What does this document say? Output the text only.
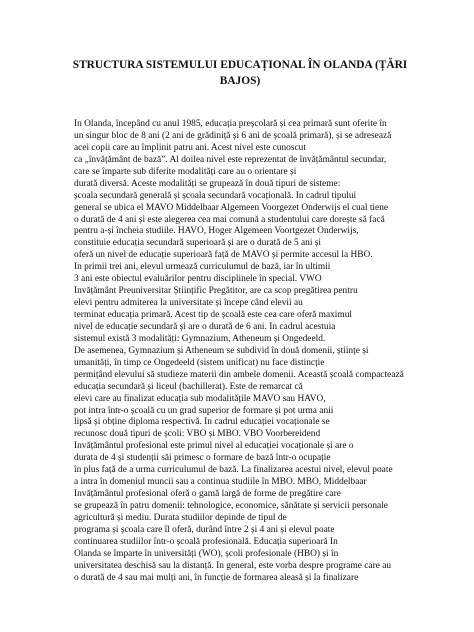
STRUCTURA SISTEMULUI EDUCAȚIONAL ÎN OLANDA (ȚĂRI BAJOS)
În Olanda, începând cu anul 1985, educația preșcolară și cea primară sunt oferite în
un singur bloc de 8 ani (2 ani de grădiniță și 6 ani de școală primară), și se adresează
acei copii care au împlinit patru ani. Acest nivel este cunoscut
ca „învățământ de bază”. Al doilea nivel este reprezentat de învățământul secundar,
care se împarte sub diferite modalități care au o orientare și
durată diversă. Aceste modalități se grupează în două tipuri de sisteme:
școala secundară generală și școala secundară vocațională. În cadrul tipului
general se ubica el MAVO Middelbaar Algemeen Voorgezet Onderwijs el cual tiene
o durată de 4 ani și este alegerea cea mai comună a studentului care dorește să facă
pentru a-și încheia studiile. HAVO, Hoger Algemeen Voortgezet Onderwijs,
constituie educația secundară superioară și are o durată de 5 ani și
oferă un nivel de educație superioară față de MAVO și permite accesul la HBO.
În primii trei ani, elevul urmează curriculumul de bază, iar în ultimii
3 ani este obiectul evaluărilor pentru disciplinele în special. VWO
Învățământ Preuniversitar Științific Pregătitor, are ca scop pregătirea pentru
elevi pentru admiterea la universitate și începe când elevii au
terminat educația primară. Acest tip de școală este cea care oferă maximul
nivel de educație secundară și are o durată de 6 ani. În cadrul acestuia
sistemul există 3 modalități: Gymnazium, Atheneum și Ongedeeld.
De asemenea, Gymnazium și Atheneum se subdivid în două domenii, științe și
umanități, în timp ce Ongedeeld (sistem unificat) nu face distincție
permițând elevului să studieze materii din ambele domenii. Această școală compactează
educația secundară și liceul (bachillerat). Este de remarcat că
elevi care au finalizat educația sub modalitățile MAVO sau HAVO,
pot intra într-o școală cu un grad superior de formare și pot urma anii
lipsă și obține diploma respectivă. În cadrul educației vocaționale se
recunosc două tipuri de școli: VBO și MBO. VBO Voorbereidend
Învățământul profesional este primul nivel al educației vocaționale și are o
durata de 4 și studenții săi primesc o formare de bază într-o ocupație
în plus față de a urma curriculumul de bază. La finalizarea acestui nivel, elevul poate
a intra în domeniul muncii sau a continua studiile în MBO. MBO, Middelbaar
Învățământul profesional oferă o gamă largă de forme de pregătire care
se grupează în patru domenii: tehnologice, economice, sănătate și servicii personale
agricultură și mediu. Durata studiilor depinde de tipul de
programa și școala care îl oferă, durând între 2 și 4 ani și elevul poate
continuarea studiilor într-o școală profesională. Educația superioară În
Olanda se împarte în universități (WO), școli profesionale (HBO) și în
universitatea deschisă sau la distanță. În general, este vorba despre programe care au
o durată de 4 sau mai mulți ani, în funcție de formarea aleasă și la finalizare
